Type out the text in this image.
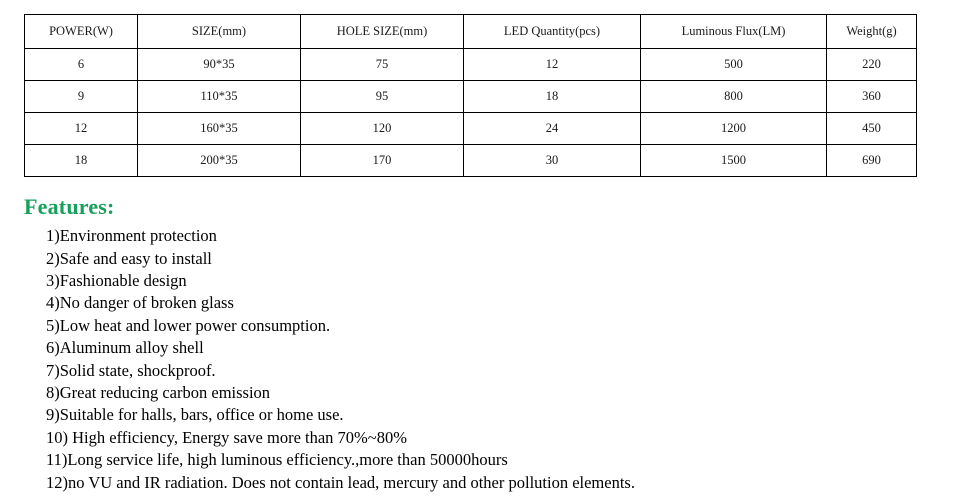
POWER(W)	SIZE(mm)	HOLE SIZE(mm)	LED Quantity(pcs)	Luminous Flux(LM)	Weight(g)
6	90*35	75	12	500	220
9	110*35	95	18	800	360
12	160*35	120	24	1200	450
18	200*35	170	30	1500	690
Features:
1)Environment protection
2)Safe and easy to install
3)Fashionable design
4)No danger of broken glass
5)Low heat and lower power consumption.
6)Aluminum alloy shell
7)Solid state, shockproof.
8)Great reducing carbon emission
9)Suitable for halls, bars, office or home use.
10) High efficiency, Energy save more than 70%~80%
11)Long service life, high luminous efficiency.,more than 50000hours
12)no VU and IR radiation. Does not contain lead, mercury and other pollution elements.
